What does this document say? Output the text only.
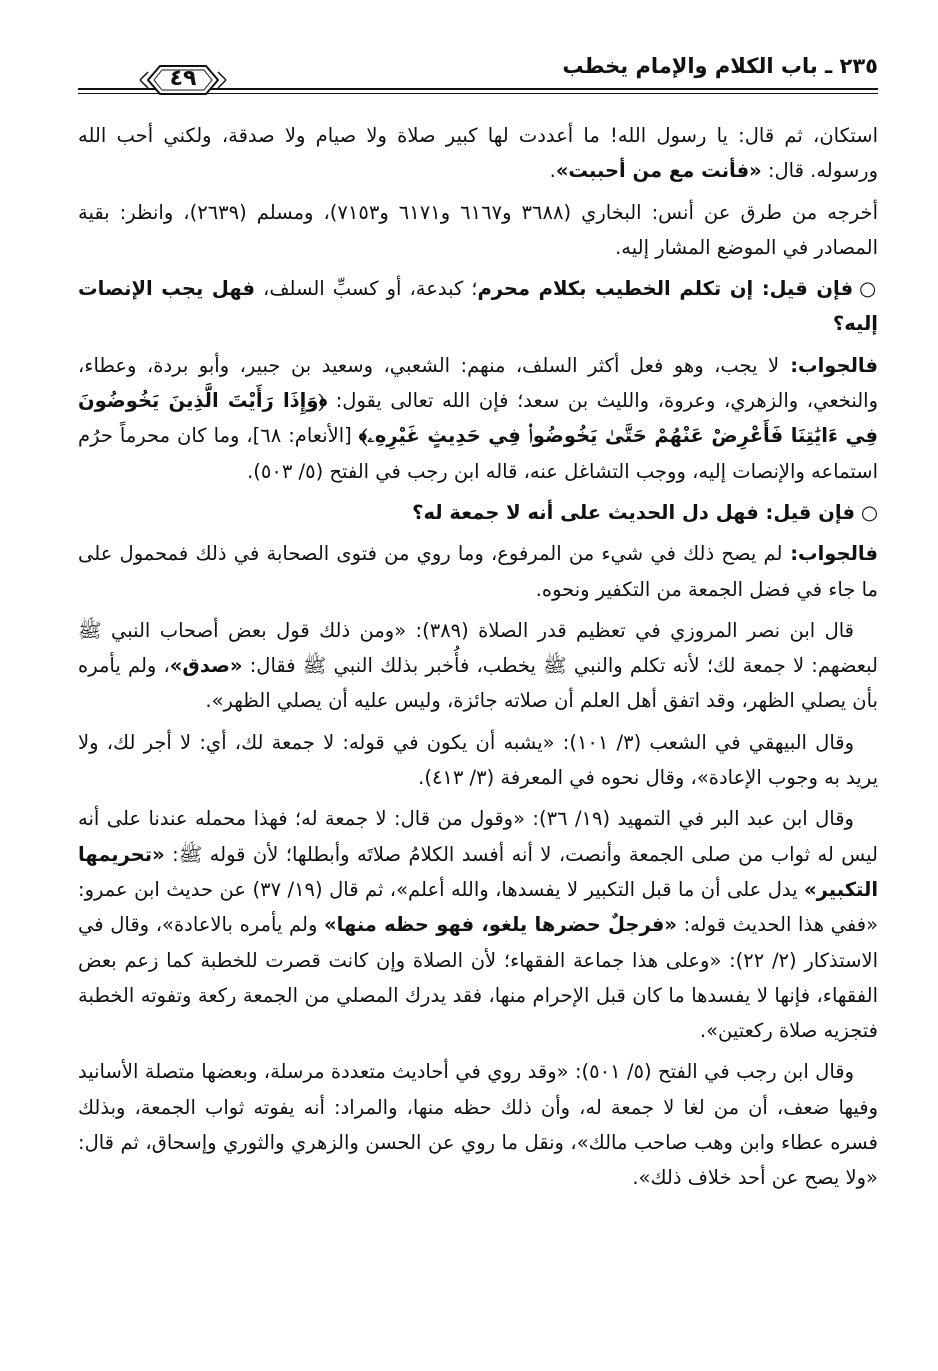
٢٣٥ ـ باب الكلام والإمام يخطب
٤٩

استكان، ثم قال: يا رسول الله! ما أعددت لها كبير صلاة ولا صيام ولا صدقة، ولكني أحب الله ورسوله. قال: «فأنت مع من أحببت».

أخرجه من طرق عن أنس: البخاري (٣٦٨٨ و٦١٦٧ و٦١٧١ و٧١٥٣)، ومسلم (٢٦٣٩)، وانظر: بقية المصادر في الموضع المشار إليه.

○فإن قيل: إن تكلم الخطيب بكلام محرم؛ كبدعة، أو كسبِّ السلف، فهل يجب الإنصات إليه؟

فالجواب: لا يجب، وهو فعل أكثر السلف، منهم: الشعبي، وسعيد بن جبير، وأبو بردة، وعطاء، والنخعي، والزهري، وعروة، والليث بن سعد؛ فإن الله تعالى يقول: ﴿وَإِذَا رَأَيْتَ الَّذِينَ يَخُوضُونَ فِي ءَايَٰتِنَا فَأَعْرِضْ عَنْهُمْ حَتَّىٰ يَخُوضُوا۟ فِي حَدِيثٍ غَيْرِهِۦ﴾ [الأنعام: ٦٨]، وما كان محرماً حرُم استماعه والإنصات إليه، ووجب التشاغل عنه، قاله ابن رجب في الفتح (٥/ ٥٠٣).

○فإن قيل: فهل دل الحديث على أنه لا جمعة له؟

فالجواب: لم يصح ذلك في شيء من المرفوع، وما روي من فتوى الصحابة في ذلك فمحمول على ما جاء في فضل الجمعة من التكفير ونحوه.

قال ابن نصر المروزي في تعظيم قدر الصلاة (٣٨٩): «ومن ذلك قول بعض أصحاب النبي ﷺ لبعضهم: لا جمعة لك؛ لأنه تكلم والنبي ﷺ يخطب، فأُخبر بذلك النبي ﷺ فقال: «صدق»، ولم يأمره بأن يصلي الظهر، وقد اتفق أهل العلم أن صلاته جائزة، وليس عليه أن يصلي الظهر».

وقال البيهقي في الشعب (٣/ ١٠١): «يشبه أن يكون في قوله: لا جمعة لك، أي: لا أجر لك، ولا يريد به وجوب الإعادة»، وقال نحوه في المعرفة (٣/ ٤١٣).

وقال ابن عبد البر في التمهيد (١٩/ ٣٦): «وقول من قال: لا جمعة له؛ فهذا محمله عندنا على أنه ليس له ثواب من صلى الجمعة وأنصت، لا أنه أفسد الكلامُ صلاتَه وأبطلها؛ لأن قوله ﷺ: «تحريمها التكبير» يدل على أن ما قبل التكبير لا يفسدها، والله أعلم»، ثم قال (١٩/ ٣٧) عن حديث ابن عمرو: «ففي هذا الحديث قوله: «فرجلٌ حضرها يلغو، فهو حظه منها» ولم يأمره بالاعادة»، وقال في الاستذكار (٢/ ٢٢): «وعلى هذا جماعة الفقهاء؛ لأن الصلاة وإن كانت قصرت للخطبة كما زعم بعض الفقهاء، فإنها لا يفسدها ما كان قبل الإحرام منها، فقد يدرك المصلي من الجمعة ركعة وتفوته الخطبة فتجزيه صلاة ركعتين».

وقال ابن رجب في الفتح (٥/ ٥٠١): «وقد روي في أحاديث متعددة مرسلة، وبعضها متصلة الأسانيد وفيها ضعف، أن من لغا لا جمعة له، وأن ذلك حظه منها، والمراد: أنه يفوته ثواب الجمعة، وبذلك فسره عطاء وابن وهب صاحب مالك»، ونقل ما روي عن الحسن والزهري والثوري وإسحاق، ثم قال: «ولا يصح عن أحد خلاف ذلك».
